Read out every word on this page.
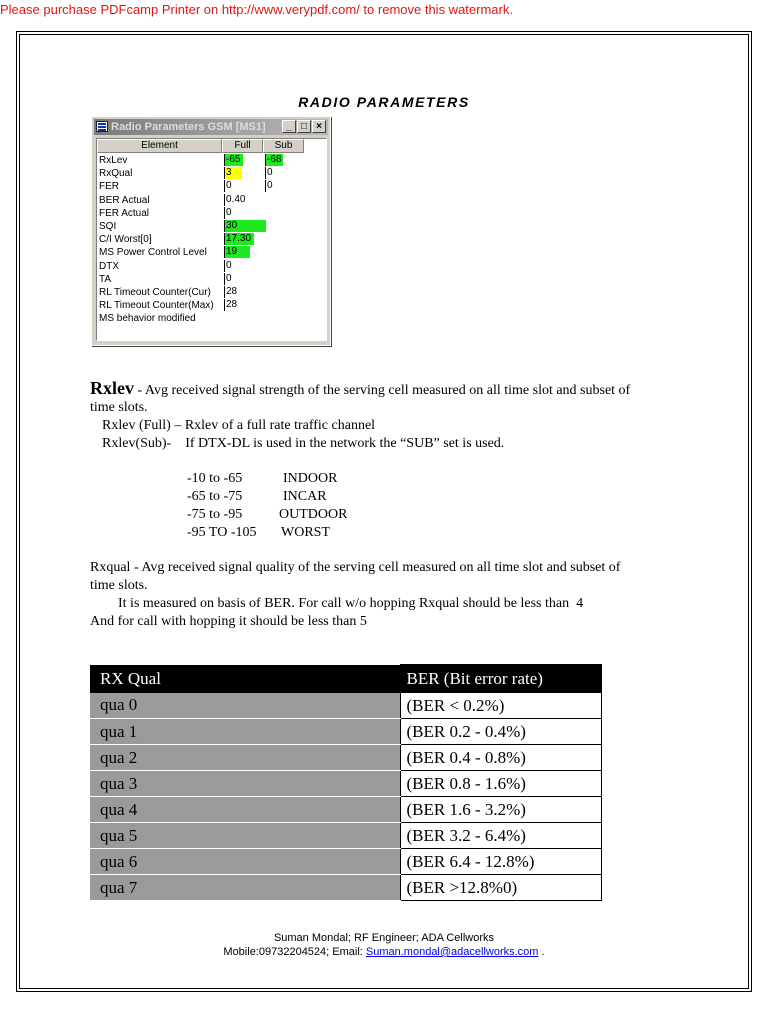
Please purchase PDFcamp Printer on http://www.verypdf.com/ to remove this watermark.
RADIO PARAMETERS
Radio Parameters GSM [MS1]	_ □ ×
Element	Full	Sub
RxLev	-65	-68
RxQual	3	0
FER	0	0
BER Actual	0.40
FER Actual	0
SQI	30
C/I Worst[0]	17.30
MS Power Control Level	19
DTX	0
TA	0
RL Timeout Counter(Cur)	28
RL Timeout Counter(Max)	28
MS behavior modified
Rxlev - Avg received signal strength of the serving cell measured on all time slot and subset of
time slots.
Rxlev (Full) – Rxlev of a full rate traffic channel
Rxlev(Sub)-    If DTX-DL is used in the network the “SUB” set is used.
-10 to -65	INDOOR
-65 to -75	INCAR
-75 to -95	OUTDOOR
-95 TO -105 WORST
Rxqual - Avg received signal quality of the serving cell measured on all time slot and subset of
time slots.
It is measured on basis of BER. For call w/o hopping Rxqual should be less than  4
And for call with hopping it should be less than 5
RX Qual	BER (Bit error rate)
qua 0	(BER < 0.2%)
qua 1	(BER 0.2 - 0.4%)
qua 2	(BER 0.4 - 0.8%)
qua 3	(BER 0.8 - 1.6%)
qua 4	(BER 1.6 - 3.2%)
qua 5	(BER 3.2 - 6.4%)
qua 6	(BER 6.4 - 12.8%)
qua 7	(BER >12.8%0)
Suman Mondal; RF Engineer; ADA Cellworks
Mobile:09732204524; Email: Suman.mondal@adacellworks.com .
